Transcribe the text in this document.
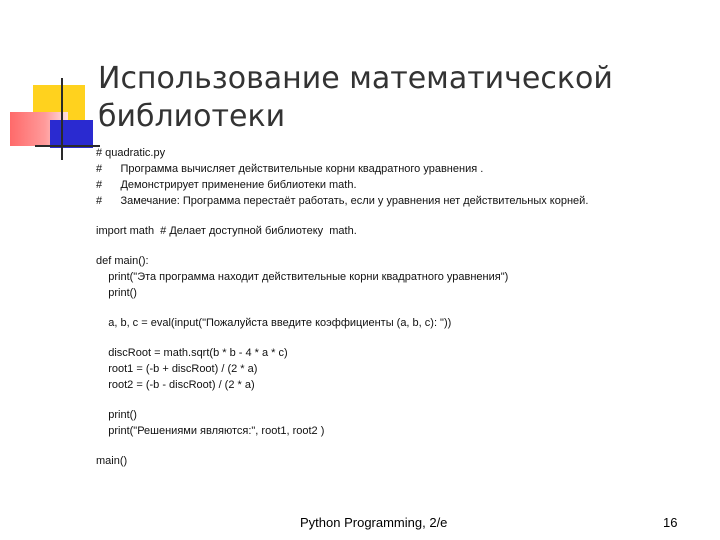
Использование математической
библиотеки
# quadratic.py
#      Программа вычисляет действительные корни квадратного уравнения .
#      Демонстрирует применение библиотеки math.
#      Замечание: Программа перестаёт работать, если у уравнения нет действительных корней.
import math  # Делает доступной библиотеку  math.
def main():
print("Эта программа находит действительные корни квадратного уравнения")
print()
a, b, c = eval(input("Пожалуйста введите коэффициенты (a, b, c): "))
discRoot = math.sqrt(b * b - 4 * a * c)
root1 = (-b + discRoot) / (2 * a)
root2 = (-b - discRoot) / (2 * a)
print()
print("Решениями являются:", root1, root2 )
main()
Python Programming, 2/e	16
